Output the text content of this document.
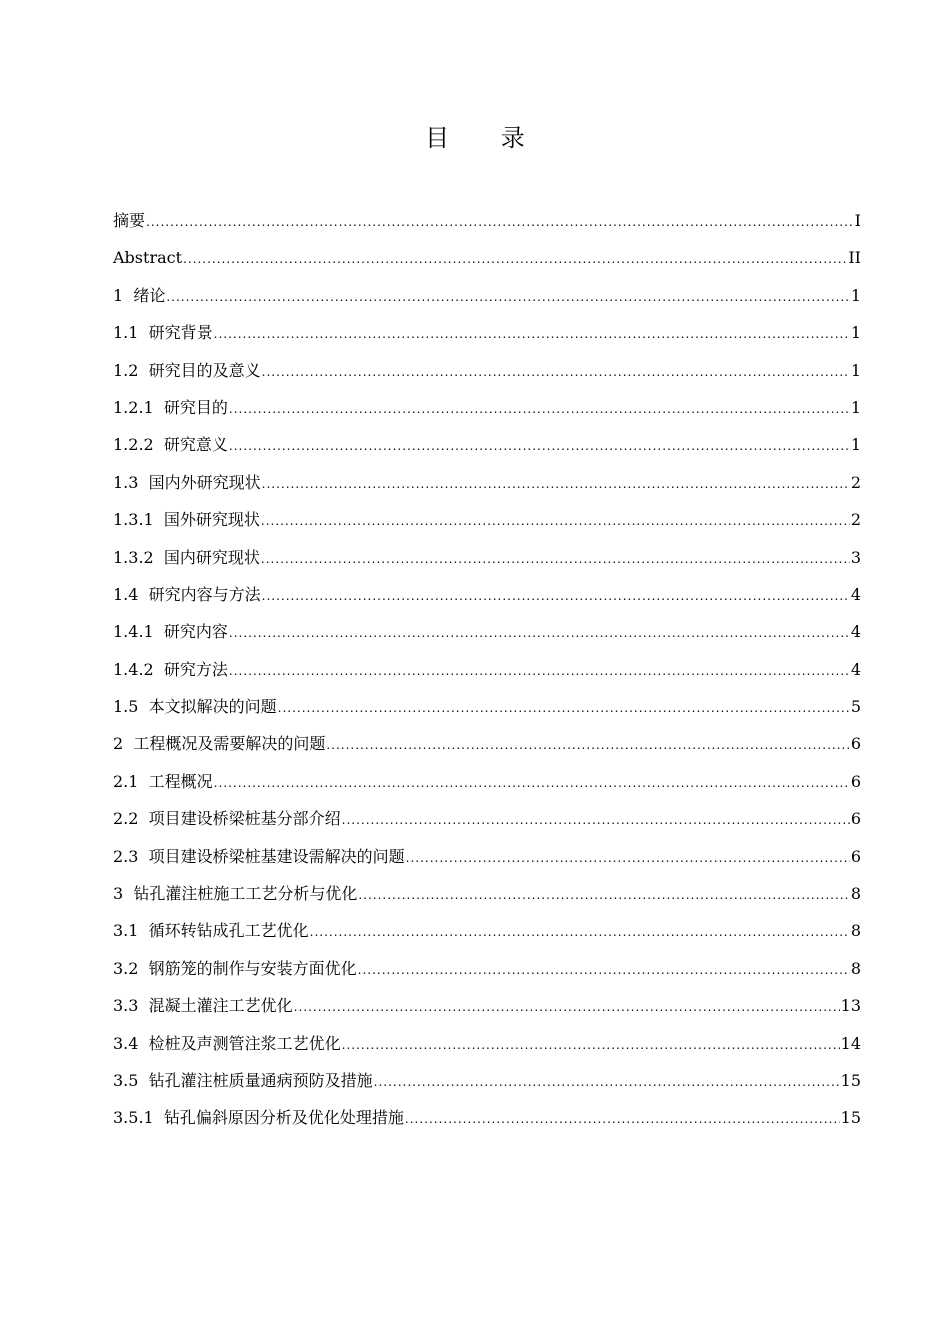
目 录
摘要 .....	I
Abstract .....	II
1  绪论 .....	1
1.1  研究背景 .....	1
1.2  研究目的及意义 .....	1
1.2.1  研究目的 .....	1
1.2.2  研究意义 .....	1
1.3  国内外研究现状 .....	2
1.3.1  国外研究现状 .....	2
1.3.2  国内研究现状 .....	3
1.4  研究内容与方法 .....	4
1.4.1  研究内容 .....	4
1.4.2  研究方法 .....	4
1.5  本文拟解决的问题 .....	5
2  工程概况及需要解决的问题 .....	6
2.1  工程概况 .....	6
2.2  项目建设桥梁桩基分部介绍 .....	6
2.3  项目建设桥梁桩基建设需解决的问题 .....	6
3  钻孔灌注桩施工工艺分析与优化 .....	8
3.1  循环转钻成孔工艺优化 .....	8
3.2  钢筋笼的制作与安装方面优化 .....	8
3.3  混凝土灌注工艺优化 .....	13
3.4  检桩及声测管注浆工艺优化 .....	14
3.5  钻孔灌注桩质量通病预防及措施 .....	15
3.5.1  钻孔偏斜原因分析及优化处理措施 .....	15
